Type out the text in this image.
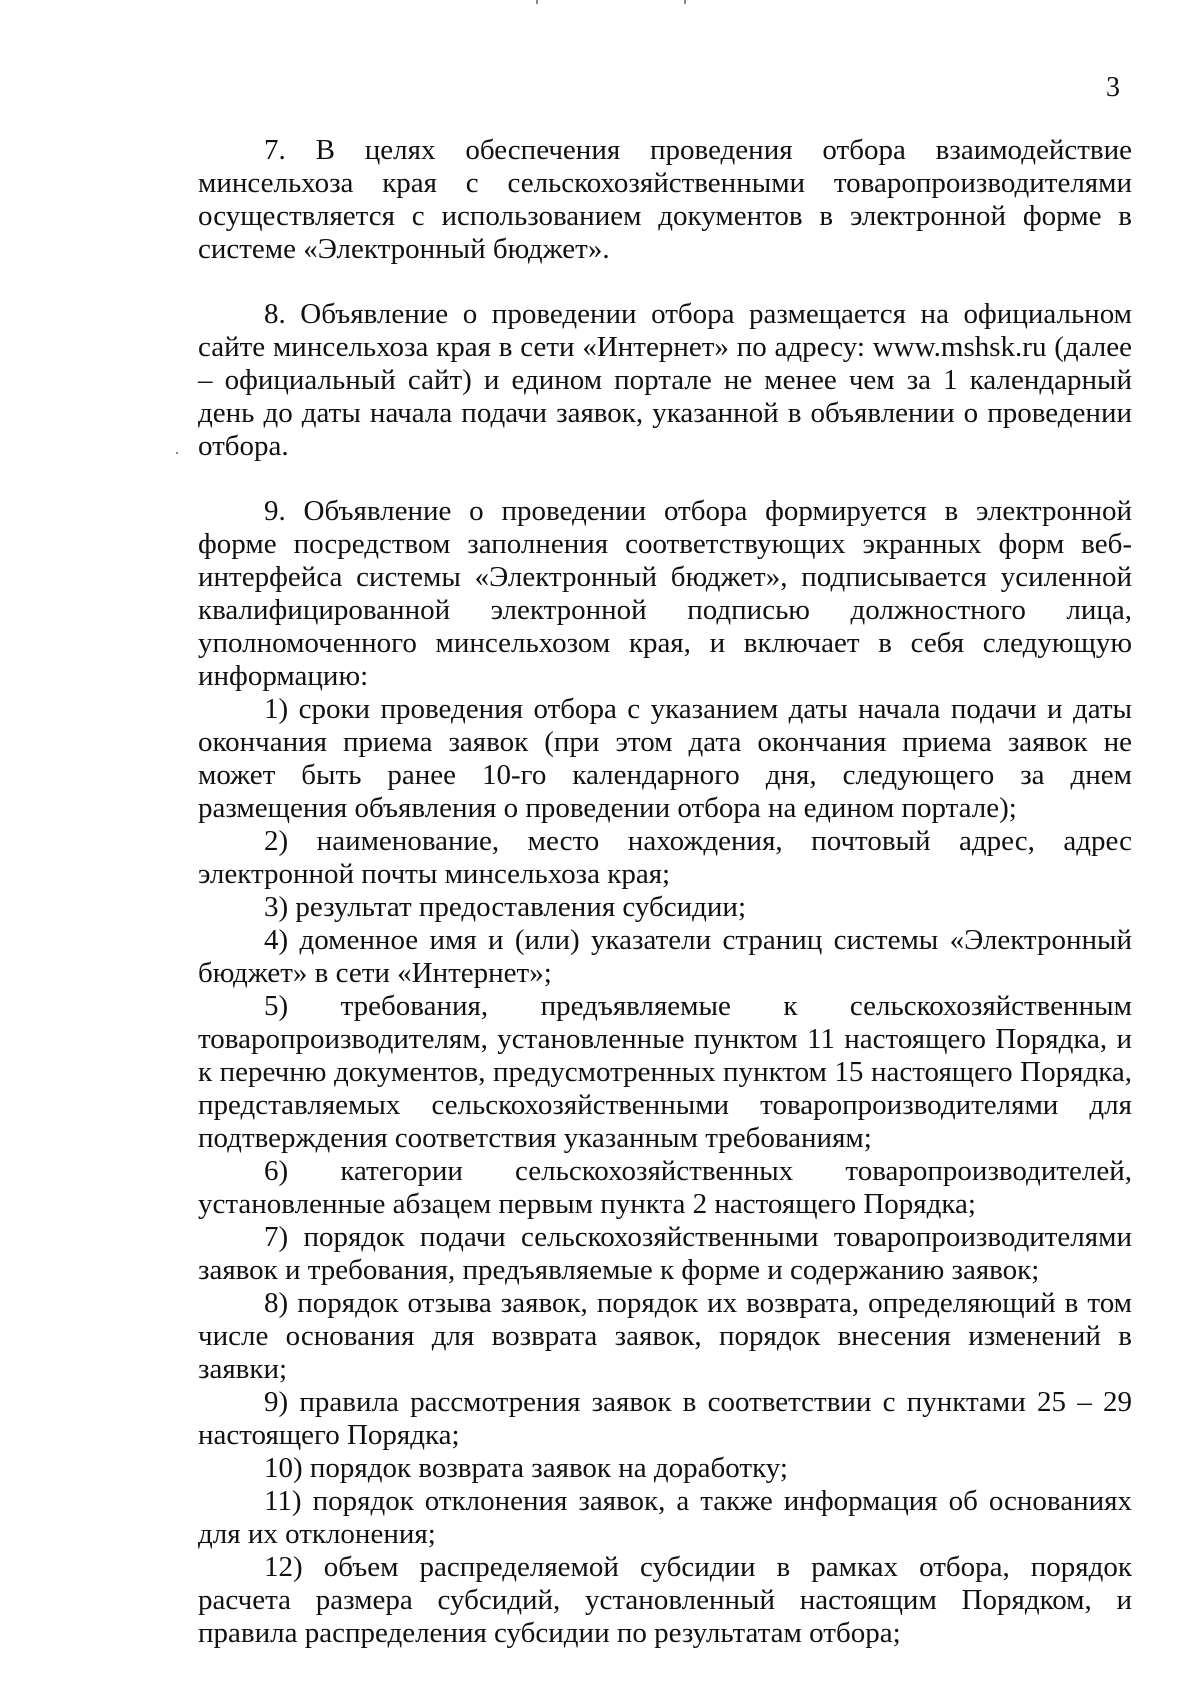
3

7. В целях обеспечения проведения отбора взаимодействие минсельхоза края с сельскохозяйственными товаропроизводителями осуществляется с использованием документов в электронной форме в системе «Электронный бюджет».

8. Объявление о проведении отбора размещается на официальном сайте минсельхоза края в сети «Интернет» по адресу: www.mshsk.ru (далее – официальный сайт) и едином портале не менее чем за 1 календарный день до даты начала подачи заявок, указанной в объявлении о проведении отбора.

9. Объявление о проведении отбора формируется в электронной форме посредством заполнения соответствующих экранных форм веб-интерфейса системы «Электронный бюджет», подписывается усиленной квалифицированной электронной подписью должностного лица, уполномоченного минсельхозом края, и включает в себя следующую информацию:

1) сроки проведения отбора с указанием даты начала подачи и даты окончания приема заявок (при этом дата окончания приема заявок не может быть ранее 10-го календарного дня, следующего за днем размещения объявления о проведении отбора на едином портале);

2) наименование, место нахождения, почтовый адрес, адрес электронной почты минсельхоза края;

3) результат предоставления субсидии;

4) доменное имя и (или) указатели страниц системы «Электронный бюджет» в сети «Интернет»;

5) требования, предъявляемые к сельскохозяйственным товаропроизводителям, установленные пунктом 11 настоящего Порядка, и к перечню документов, предусмотренных пунктом 15 настоящего Порядка, представляемых сельскохозяйственными товаропроизводителями для подтверждения соответствия указанным требованиям;

6) категории сельскохозяйственных товаропроизводителей, установленные абзацем первым пункта 2 настоящего Порядка;

7) порядок подачи сельскохозяйственными товаропроизводителями заявок и требования, предъявляемые к форме и содержанию заявок;

8) порядок отзыва заявок, порядок их возврата, определяющий в том числе основания для возврата заявок, порядок внесения изменений в заявки;

9) правила рассмотрения заявок в соответствии с пунктами 25 – 29 настоящего Порядка;

10) порядок возврата заявок на доработку;

11) порядок отклонения заявок, а также информация об основаниях для их отклонения;

12) объем распределяемой субсидии в рамках отбора, порядок расчета размера субсидий, установленный настоящим Порядком, и правила распределения субсидии по результатам отбора;
